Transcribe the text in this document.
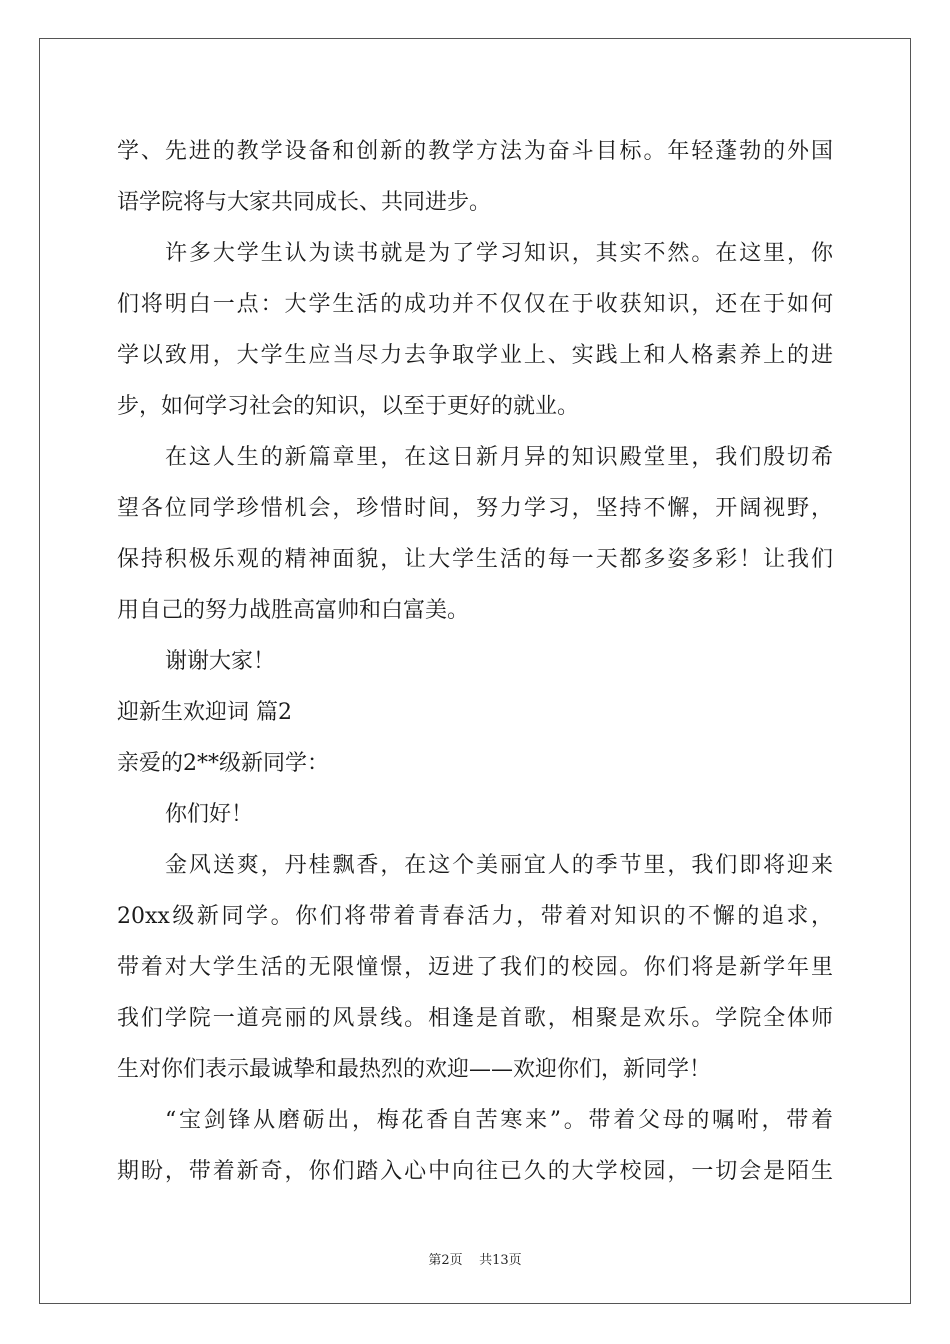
学、先进的教学设备和创新的教学方法为奋斗目标。年轻蓬勃的外国
语学院将与大家共同成长、共同进步。
许多大学生认为读书就是为了学习知识，其实不然。在这里，你
们将明白一点：大学生活的成功并不仅仅在于收获知识，还在于如何
学以致用，大学生应当尽力去争取学业上、实践上和人格素养上的进
步，如何学习社会的知识，以至于更好的就业。
在这人生的新篇章里，在这日新月异的知识殿堂里，我们殷切希
望各位同学珍惜机会，珍惜时间，努力学习，坚持不懈，开阔视野，
保持积极乐观的精神面貌，让大学生活的每一天都多姿多彩！让我们
用自己的努力战胜高富帅和白富美。
谢谢大家！
迎新生欢迎词 篇2
亲爱的2**级新同学：
你们好！
金风送爽，丹桂飘香，在这个美丽宜人的季节里，我们即将迎来
20xx级新同学。你们将带着青春活力，带着对知识的不懈的追求，
带着对大学生活的无限憧憬，迈进了我们的校园。你们将是新学年里
我们学院一道亮丽的风景线。相逢是首歌，相聚是欢乐。学院全体师
生对你们表示最诚挚和最热烈的欢迎——欢迎你们，新同学！
“宝剑锋从磨砺出，梅花香自苦寒来”。带着父母的嘱咐，带着
期盼，带着新奇，你们踏入心中向往已久的大学校园，一切会是陌生
第2页 共13页
